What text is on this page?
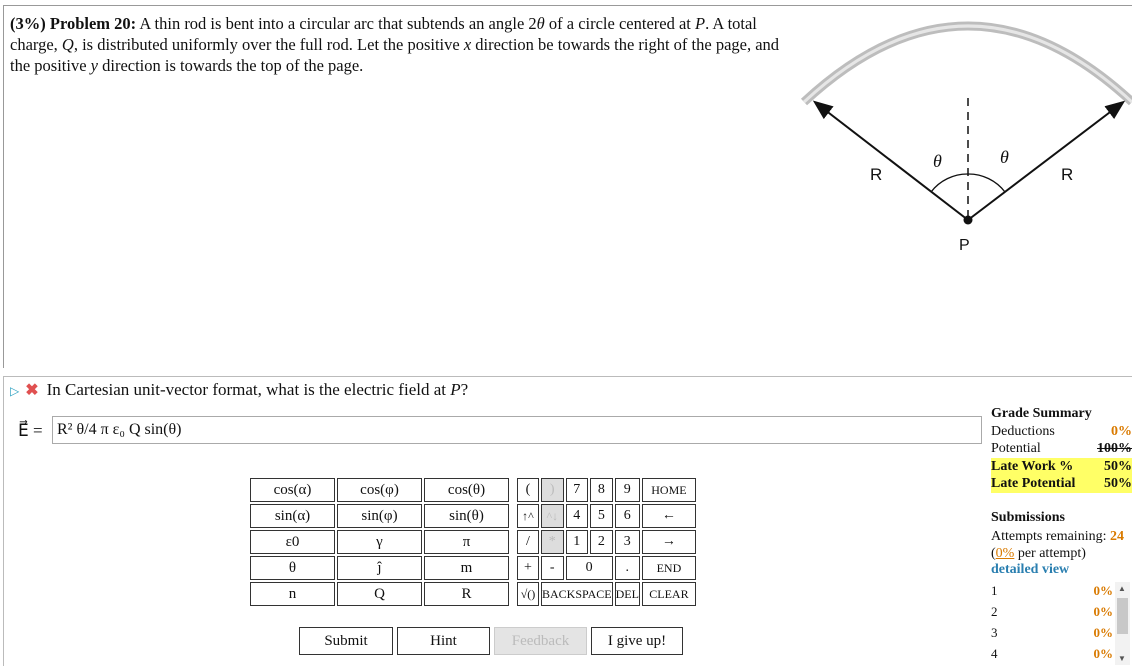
(3%) Problem 20: A thin rod is bent into a circular arc that subtends an angle 2θ of a circle centered at P. A total charge, Q, is distributed uniformly over the full rod. Let the positive x direction be towards the right of the page, and the positive y direction is towards the top of the page.
R	R
θ	θ
P
▷ ✖ In Cartesian unit-vector format, what is the electric field at P?
E⃗ = R² θ/4 π ε₀ Q sin(θ)
cos(α)	cos(φ)	cos(θ)
sin(α)	sin(φ)	sin(θ)
ε0	γ	π
θ	ĵ	m
n	Q	R
(	)	7	8	9	HOME
↑^	^↓	4	5	6	←
/	*	1	2	3	→
+	-	0		.	END
√()	BACKSPACE			DEL	CLEAR
Submit	Hint	Feedback	I give up!
Grade Summary
Deductions	0%
Potential	100%
Late Work % 50%
Late Potential 50%
Submissions
Attempts remaining: 24
(0% per attempt)
detailed view
1	0%
2	0%
3	0%
4	0%
▲
▼
